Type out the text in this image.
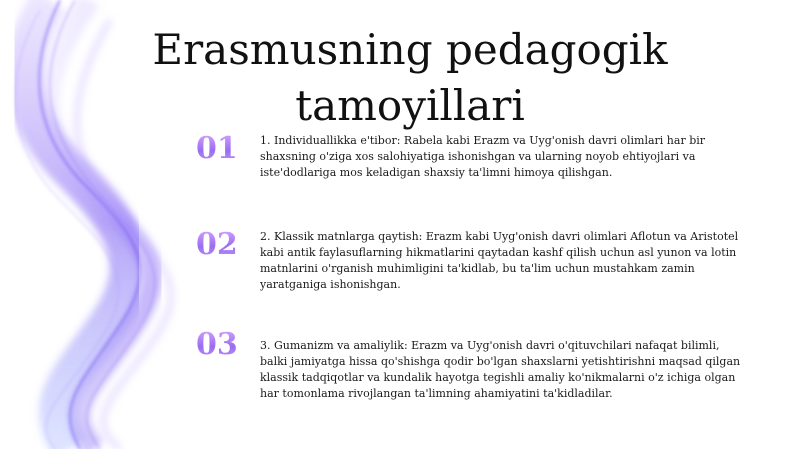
Erasmusning pedagogik tamoyillari
01	1. Individuallikka e'tibor: Rabela kabi Erazm va Uyg'onish davri olimlari har bir shaxsning o'ziga xos salohiyatiga ishonishgan va ularning noyob ehtiyojlari va iste'dodlariga mos keladigan shaxsiy ta'limni himoya qilishgan.
02	2. Klassik matnlarga qaytish: Erazm kabi Uyg'onish davri olimlari Aflotun va Aristotel kabi antik faylasuflarning hikmatlarini qaytadan kashf qilish uchun asl yunon va lotin matnlarini o'rganish muhimligini ta'kidlab, bu ta'lim uchun mustahkam zamin yaratganiga ishonishgan.
03	3. Gumanizm va amaliylik: Erazm va Uyg'onish davri o'qituvchilari nafaqat bilimli, balki jamiyatga hissa qo'shishga qodir bo'lgan shaxslarni yetishtirishni maqsad qilgan klassik tadqiqotlar va kundalik hayotga tegishli amaliy ko'nikmalarni o'z ichiga olgan har tomonlama rivojlangan ta'limning ahamiyatini ta'kidladilar.
